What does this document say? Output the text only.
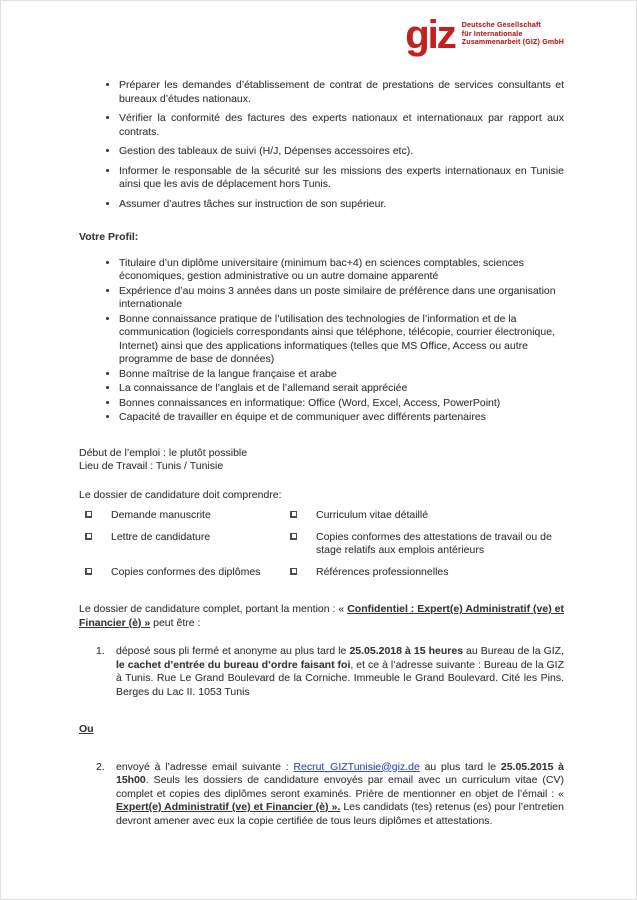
giz Deutsche Gesellschaft
für Internationale
Zusammenarbeit (GIZ) GmbH
• Préparer les demandes d’établissement de contrat de prestations de services consultants et bureaux d’études nationaux.
• Vérifier la conformité des factures des experts nationaux et internationaux par rapport aux contrats.
• Gestion des tableaux de suivi (H/J, Dépenses accessoires etc).
• Informer le responsable de la sécurité sur les missions des experts internationaux en Tunisie ainsi que les avis de déplacement hors Tunis.
• Assumer d’autres tâches sur instruction de son supérieur.
Votre Profil:
• Titulaire d’un diplôme universitaire (minimum bac+4) en sciences comptables, sciences économiques, gestion administrative ou un autre domaine apparenté
• Expérience d’au moins 3 années dans un poste similaire de préférence dans une organisation internationale
• Bonne connaissance pratique de l’utilisation des technologies de l’information et de la communication (logiciels correspondants ainsi que téléphone, télécopie, courrier électronique, Internet) ainsi que des applications informatiques (telles que MS Office, Access ou autre programme de base de données)
• Bonne maîtrise de la langue française et arabe
• La connaissance de l’anglais et de l’allemand serait appréciée
• Bonnes connaissances en informatique: Office (Word, Excel, Access, PowerPoint)
• Capacité de travailler en équipe et de communiquer avec différents partenaires

Début de l’emploi : le plutôt possible

Lieu de Travail : Tunis / Tunisie

Le dossier de candidature doit comprendre:
Demande manuscrite	Curriculum vitae détaillé
Lettre de candidature	Copies conformes des attestations de travail ou de stage relatifs aux emplois antérieurs
Copies conformes des diplômes	Références professionnelles
Le dossier de candidature complet, portant la mention : « Confidentiel : Expert(e) Administratif (ve) et Financier (è) » peut être :
1.	déposé sous pli fermé et anonyme au plus tard le 25.05.2018 à 15 heures au Bureau de la GIZ, le cachet d’entrée du bureau d’ordre faisant foi, et ce à l’adresse suivante : Bureau de la GIZ à Tunis. Rue Le Grand Boulevard de la Corniche. Immeuble le Grand Boulevard. Cité les Pins. Berges du Lac II. 1053 Tunis
Ou
2.	envoyé à l’adresse email suivante : Recrut_GIZTunisie@giz.de au plus tard le 25.05.2015 à 15h00. Seuls les dossiers de candidature envoyés par email avec un curriculum vitae (CV) complet et copies des diplômes seront examinés. Prière de mentionner en objet de l’émail : « Expert(e) Administratif (ve) et Financier (è) ». Les candidats (tes) retenus (es) pour l’entretien devront amener avec eux la copie certifiée de tous leurs diplômes et attestations.
